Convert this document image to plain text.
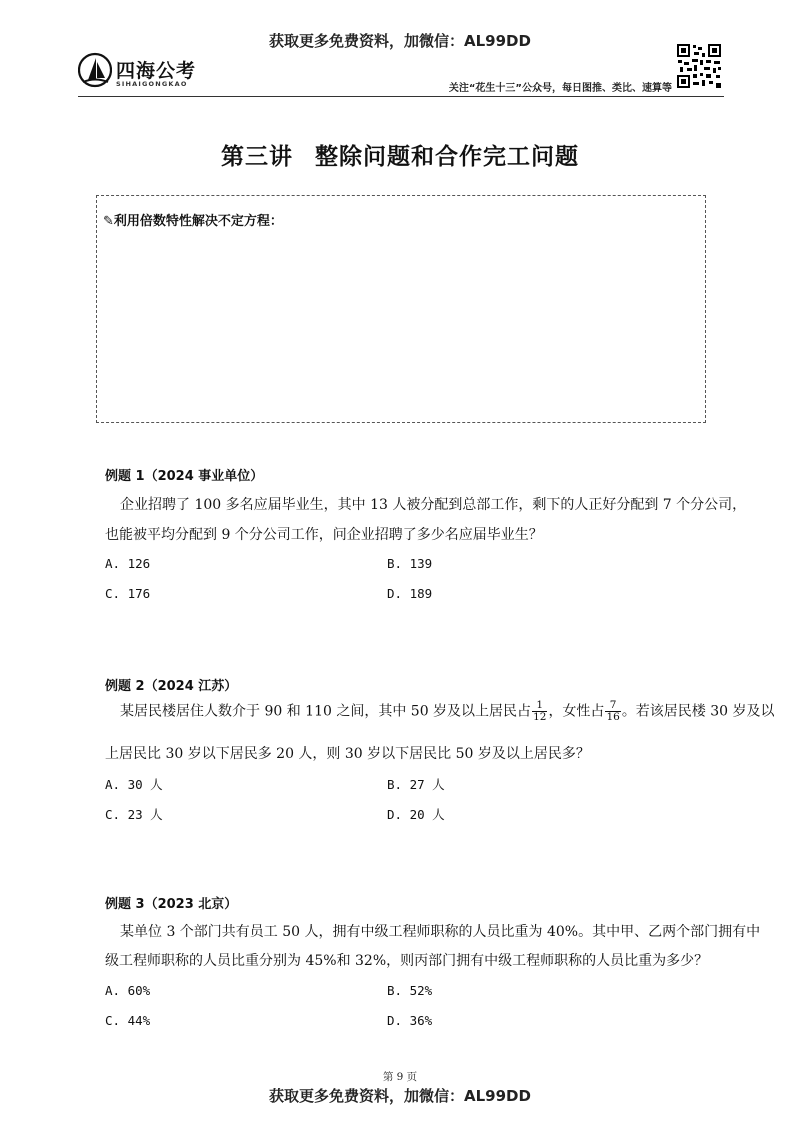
获取更多免费资料，加微信：AL99DD
四海公考
SIHAIGONGKAO	关注“花生十三”公众号，每日图推、类比、速算等
第三讲 整除问题和合作完工问题
✎利用倍数特性解决不定方程：
例题 1（2024 事业单位）
企业招聘了 100 多名应届毕业生，其中 13 人被分配到总部工作，剩下的人正好分配到 7 个分公司，
也能被平均分配到 9 个分公司工作，问企业招聘了多少名应届毕业生？
A. 126	B. 139
C. 176	D. 189
例题 2（2024 江苏）
某居民楼居住人数介于 90 和 110 之间，其中 50 岁及以上居民占 $\frac{1}{12}$ ，女性占 $\frac{7}{16}$ 。若该居民楼 30 岁及以
上居民比 30 岁以下居民多 20 人，则 30 岁以下居民比 50 岁及以上居民多？
A. 30 人	B. 27 人
C. 23 人	D. 20 人
例题 3（2023 北京）
某单位 3 个部门共有员工 50 人，拥有中级工程师职称的人员比重为 40%。其中甲、乙两个部门拥有中
级工程师职称的人员比重分别为 45%和 32%，则丙部门拥有中级工程师职称的人员比重为多少？
A. 60%	B. 52%
C. 44%	D. 36%
第 9 页
获取更多免费资料，加微信：AL99DD
